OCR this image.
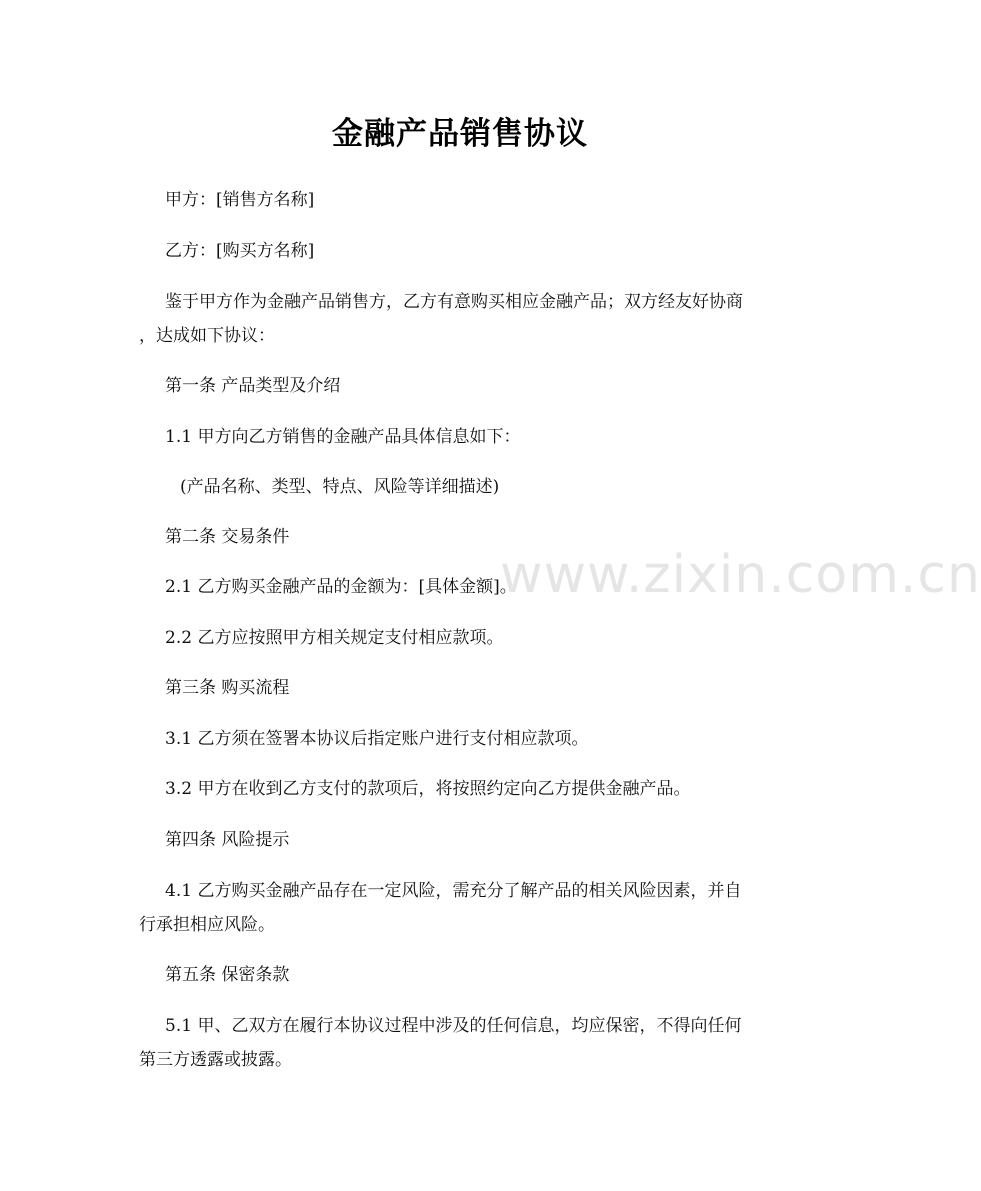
www.zixin.com.cn
金融产品销售协议

甲方：[销售方名称]

乙方：[购买方名称]

鉴于甲方作为金融产品销售方，乙方有意购买相应金融产品；双方经友好协商

，达成如下协议：

第一条 产品类型及介绍

1.1 甲方向乙方销售的金融产品具体信息如下：

(产品名称、类型、特点、风险等详细描述)

第二条 交易条件

2.1 乙方购买金融产品的金额为：[具体金额]。

2.2 乙方应按照甲方相关规定支付相应款项。

第三条 购买流程

3.1 乙方须在签署本协议后指定账户进行支付相应款项。

3.2 甲方在收到乙方支付的款项后，将按照约定向乙方提供金融产品。

第四条 风险提示

4.1 乙方购买金融产品存在一定风险，需充分了解产品的相关风险因素，并自

行承担相应风险。

第五条 保密条款

5.1 甲、乙双方在履行本协议过程中涉及的任何信息，均应保密，不得向任何

第三方透露或披露。
